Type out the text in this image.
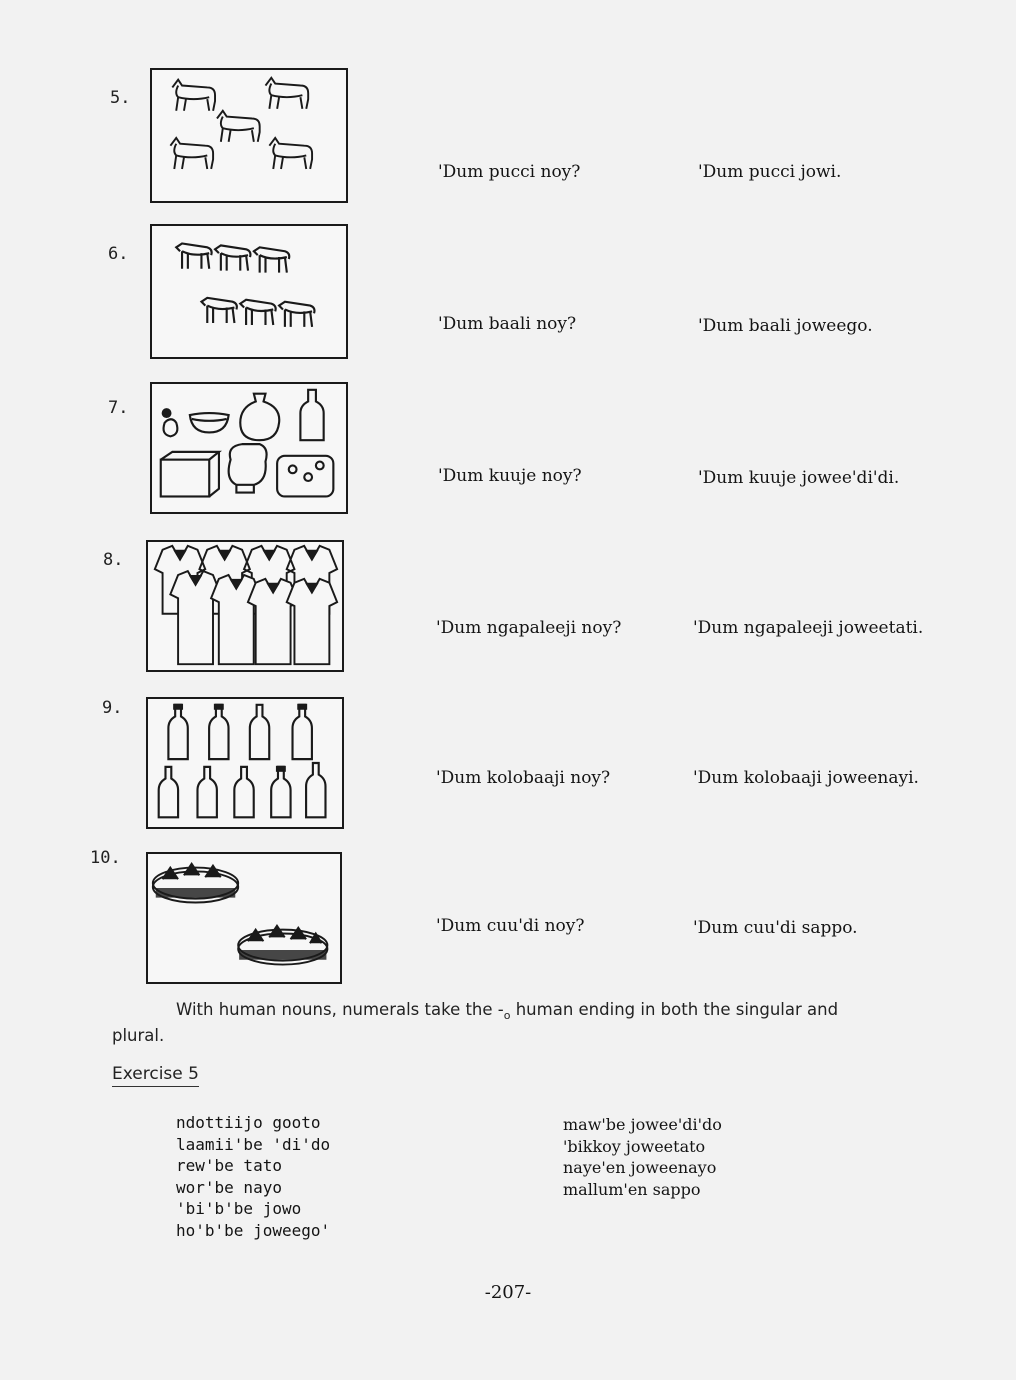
5.
'Dum pucci noy?	'Dum pucci jowi.
6.
'Dum baali noy?	'Dum baali joweego.
7.
'Dum kuuje noy?	'Dum kuuje jowee'di'di.
8.
'Dum ngapaleeji noy?	'Dum ngapaleeji joweetati.
9.
'Dum kolobaaji noy?	'Dum kolobaaji joweenayi.
10.
'Dum cuu'di noy?	'Dum cuu'di sappo.
With human nouns, numerals take the $-_o$ human ending in both the singular and
plural.
Exercise 5
ndottiijo gooto
laamii'be 'di'do
rew'be tato
wor'be nayo
'bi'b'be jowo
ho'b'be joweego'
maw'be jowee'di'do
'bikkoy joweetato
naye'en joweenayo
mallum'en sappo
-207-
